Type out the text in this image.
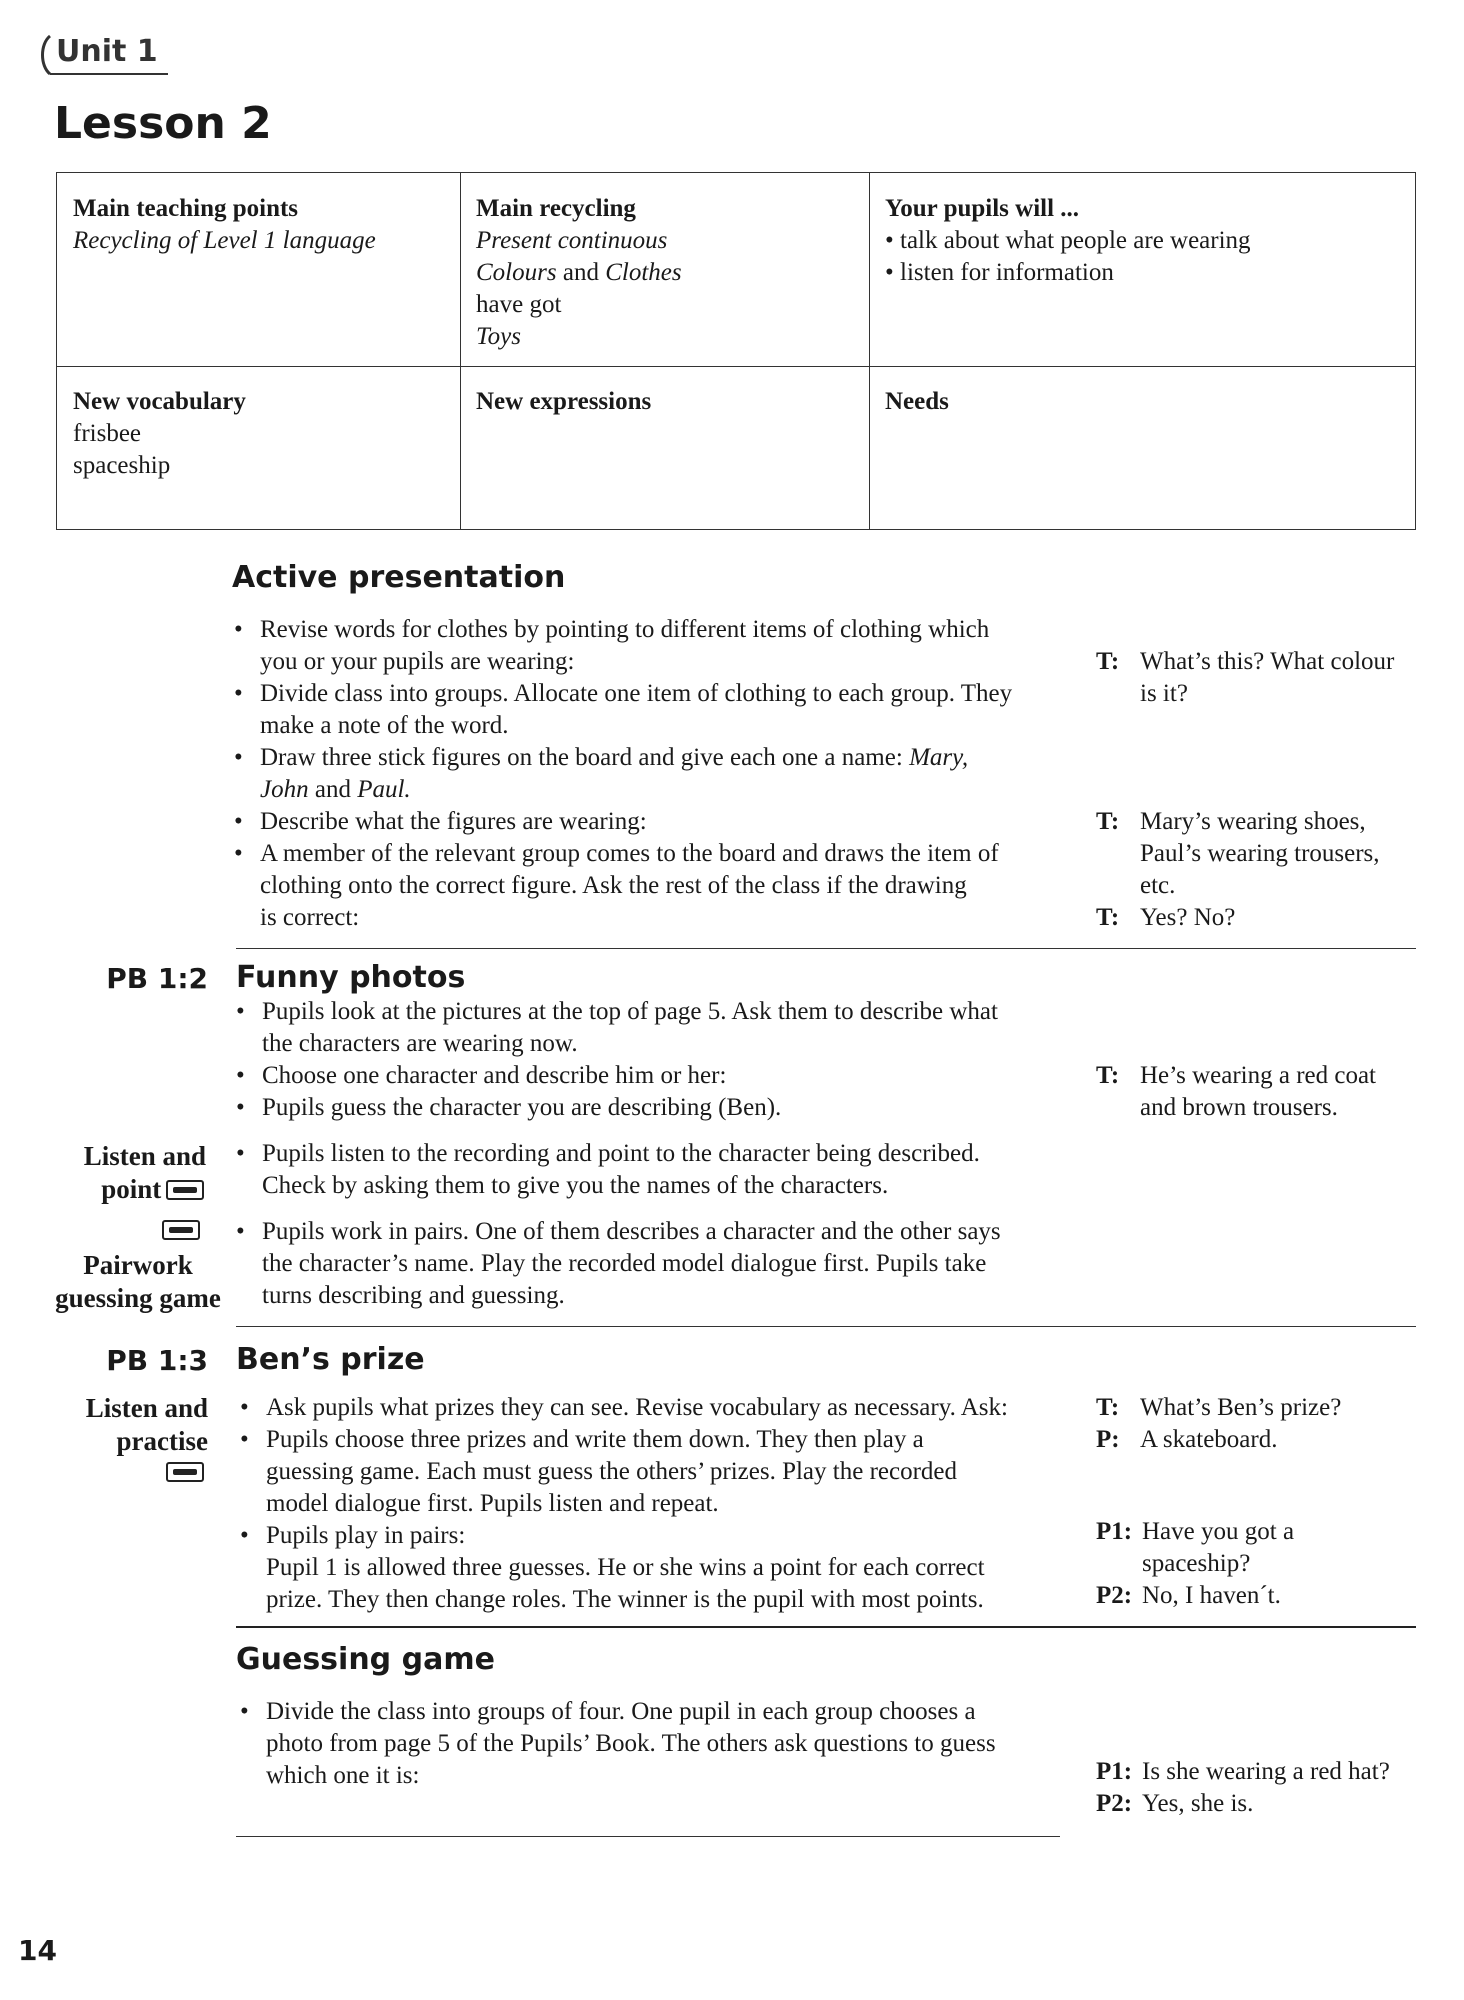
Unit 1
Lesson 2
Main teaching points
Recycling of Level 1 language
Main recycling
Present continuous
Colours and Clothes
have got
Toys
Your pupils will ...
• talk about what people are wearing
• listen for information
New vocabulary
frisbee
spaceship
New expressions	Needs
Active presentation
• Revise words for clothes by pointing to different items of clothing which
you or your pupils are wearing:
• Divide class into groups. Allocate one item of clothing to each group. They
make a note of the word.
• Draw three stick figures on the board and give each one a name: Mary,
John and Paul.
• Describe what the figures are wearing:
• A member of the relevant group comes to the board and draws the item of
clothing onto the correct figure. Ask the rest of the class if the drawing
is correct:
T: What’s this? What colour
is it?
T: Mary’s wearing shoes,
Paul’s wearing trousers,
etc.
T: Yes? No?
PB 1:2 Funny photos
• Pupils look at the pictures at the top of page 5. Ask them to describe what
the characters are wearing now.
• Choose one character and describe him or her:
• Pupils guess the character you are describing (Ben).
T: He’s wearing a red coat
and brown trousers.
Listen and
point
• Pupils listen to the recording and point to the character being described.
Check by asking them to give you the names of the characters.
Pairwork
guessing game
• Pupils work in pairs. One of them describes a character and the other says
the character’s name. Play the recorded model dialogue first. Pupils take
turns describing and guessing.
PB 1:3 Ben’s prize
Listen and
practise
• Ask pupils what prizes they can see. Revise vocabulary as necessary. Ask:
• Pupils choose three prizes and write them down. They then play a
guessing game. Each must guess the others’ prizes. Play the recorded
model dialogue first. Pupils listen and repeat.
• Pupils play in pairs:
Pupil 1 is allowed three guesses. He or she wins a point for each correct
prize. They then change roles. The winner is the pupil with most points.
T: What’s Ben’s prize?
P: A skateboard.
P1: Have you got a
spaceship?
P2: No, I haven´t.
Guessing game
• Divide the class into groups of four. One pupil in each group chooses a
photo from page 5 of the Pupils’ Book. The others ask questions to guess
which one it is:	P1: Is she wearing a red hat?
P2: Yes, she is.
14
